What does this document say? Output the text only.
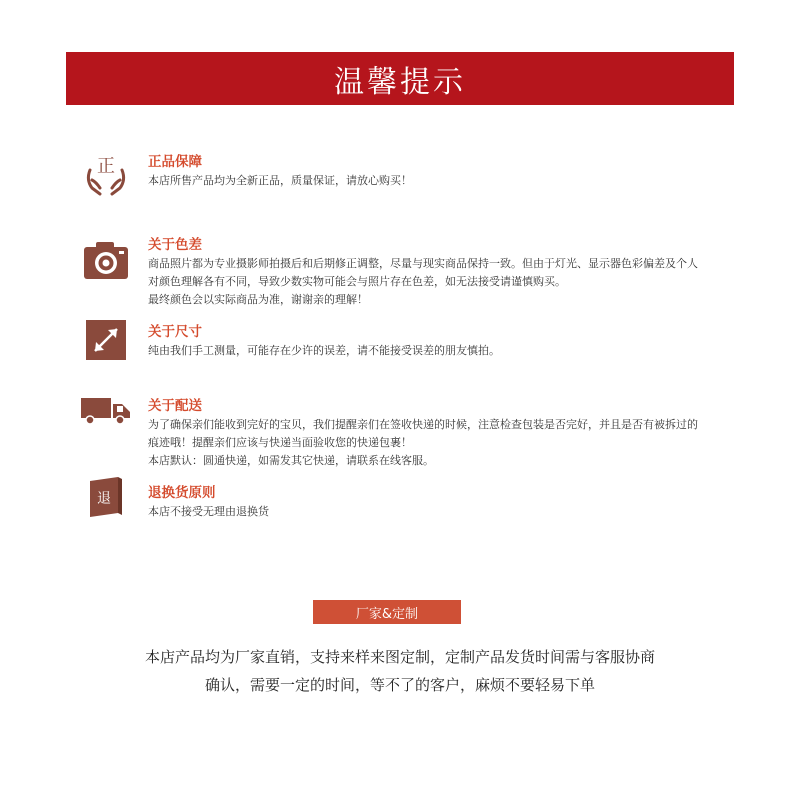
温馨提示
正 正品保障
本店所售产品均为全新正品，质量保证，请放心购买！
关于色差
商品照片都为专业摄影师拍摄后和后期修正调整，尽量与现实商品保持一致。但由于灯光、显示器色彩偏差及个人
对颜色理解各有不同，导致少数实物可能会与照片存在色差，如无法接受请谨慎购买。
最终颜色会以实际商品为准，谢谢亲的理解！
关于尺寸
纯由我们手工测量，可能存在少许的误差，请不能接受误差的朋友慎拍。
关于配送
为了确保亲们能收到完好的宝贝，我们提醒亲们在签收快递的时候，注意检查包装是否完好，并且是否有被拆过的
痕迹哦！提醒亲们应该与快递当面验收您的快递包裹！
本店默认：圆通快递，如需发其它快递，请联系在线客服。
退	退换货原则
本店不接受无理由退换货
厂家&定制
本店产品均为厂家直销，支持来样来图定制，定制产品发货时间需与客服协商
确认，需要一定的时间，等不了的客户，麻烦不要轻易下单
